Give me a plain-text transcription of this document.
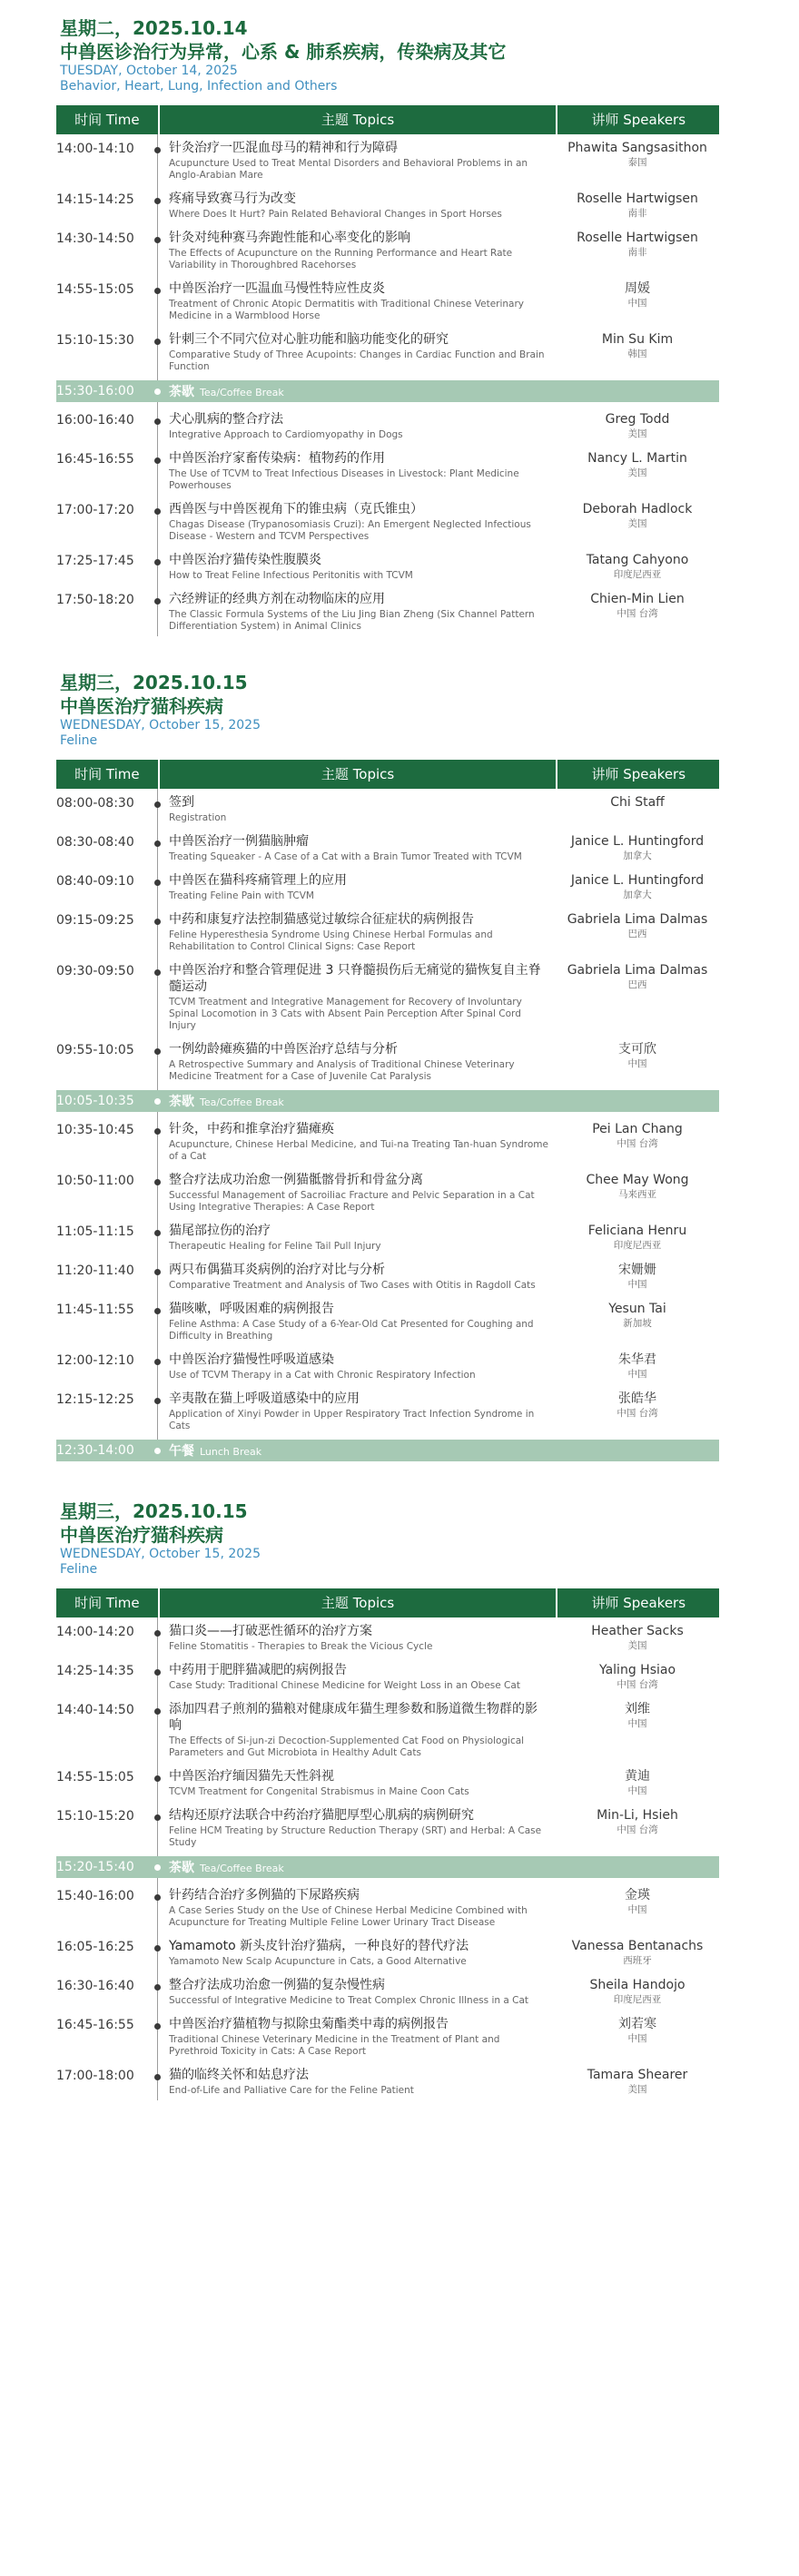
星期二，2025.10.14
中兽医诊治行为异常，心系 & 肺系疾病，传染病及其它
TUESDAY, October 14, 2025
Behavior, Heart, Lung, Infection and Others
时间 Time	主题 Topics	讲师 Speakers
14:00-14:10	针灸治疗一匹混血母马的精神和行为障碍
Acupuncture Used to Treat Mental Disorders and Behavioral Problems in an Anglo-Arabian Mare
Phawita Sangsasithon
泰国
14:15-14:25	疼痛导致赛马行为改变
Where Does It Hurt? Pain Related Behavioral Changes in Sport Horses
Roselle Hartwigsen
南非
14:30-14:50	针灸对纯种赛马奔跑性能和心率变化的影响
The Effects of Acupuncture on the Running Performance and Heart Rate Variability in Thoroughbred Racehorses
Roselle Hartwigsen
南非
14:55-15:05	中兽医治疗一匹温血马慢性特应性皮炎
Treatment of Chronic Atopic Dermatitis with Traditional Chinese Veterinary Medicine in a Warmblood Horse
周媛
中国
15:10-15:30	针刺三个不同穴位对心脏功能和脑功能变化的研究
Comparative Study of Three Acupoints: Changes in Cardiac Function and Brain Function
Min Su Kim
韩国
15:30-16:00	茶歇 Tea/Coffee Break
16:00-16:40	犬心肌病的整合疗法
Integrative Approach to Cardiomyopathy in Dogs
Greg Todd
美国
16:45-16:55	中兽医治疗家畜传染病：植物药的作用
The Use of TCVM to Treat Infectious Diseases in Livestock: Plant Medicine Powerhouses
Nancy L. Martin
美国
17:00-17:20	西兽医与中兽医视角下的锥虫病（克氏锥虫）
Chagas Disease (Trypanosomiasis Cruzi): An Emergent Neglected Infectious Disease - Western and TCVM Perspectives
Deborah Hadlock
美国
17:25-17:45	中兽医治疗猫传染性腹膜炎
How to Treat Feline Infectious Peritonitis with TCVM
Tatang Cahyono
印度尼西亚
17:50-18:20	六经辨证的经典方剂在动物临床的应用
The Classic Formula Systems of the Liu Jing Bian Zheng (Six Channel Pattern Differentiation System) in Animal Clinics
Chien-Min Lien
中国 台湾
星期三，2025.10.15
中兽医治疗猫科疾病
WEDNESDAY, October 15, 2025
Feline
时间 Time	主题 Topics	讲师 Speakers
08:00-08:30	签到
Registration
Chi Staff
08:30-08:40	中兽医治疗一例猫脑肿瘤
Treating Squeaker - A Case of a Cat with a Brain Tumor Treated with TCVM
Janice L. Huntingford
加拿大
08:40-09:10	中兽医在猫科疼痛管理上的应用
Treating Feline Pain with TCVM
Janice L. Huntingford
加拿大
09:15-09:25	中药和康复疗法控制猫感觉过敏综合征症状的病例报告
Feline Hyperesthesia Syndrome Using Chinese Herbal Formulas and Rehabilitation to Control Clinical Signs: Case Report
Gabriela Lima Dalmas
巴西
09:30-09:50	中兽医治疗和整合管理促进 3 只脊髓损伤后无痛觉的猫恢复自主脊髓运动
TCVM Treatment and Integrative Management for Recovery of Involuntary Spinal Locomotion in 3 Cats with Absent Pain Perception After Spinal Cord Injury
Gabriela Lima Dalmas
巴西
09:55-10:05	一例幼龄瘫痪猫的中兽医治疗总结与分析
A Retrospective Summary and Analysis of Traditional Chinese Veterinary Medicine Treatment for a Case of Juvenile Cat Paralysis
支可欣
中国
10:05-10:35	茶歇 Tea/Coffee Break
10:35-10:45	针灸，中药和推拿治疗猫瘫痪
Acupuncture, Chinese Herbal Medicine, and Tui-na Treating Tan-huan Syndrome of a Cat
Pei Lan Chang
中国 台湾
10:50-11:00	整合疗法成功治愈一例猫骶髂骨折和骨盆分离
Successful Management of Sacroiliac Fracture and Pelvic Separation in a Cat Using Integrative Therapies: A Case Report
Chee May Wong
马来西亚
11:05-11:15	猫尾部拉伤的治疗
Therapeutic Healing for Feline Tail Pull Injury
Feliciana Henru
印度尼西亚
11:20-11:40	两只布偶猫耳炎病例的治疗对比与分析
Comparative Treatment and Analysis of Two Cases with Otitis in Ragdoll Cats
宋姗姗
中国
11:45-11:55	猫咳嗽，呼吸困难的病例报告
Feline Asthma: A Case Study of a 6-Year-Old Cat Presented for Coughing and Difficulty in Breathing
Yesun Tai
新加坡
12:00-12:10	中兽医治疗猫慢性呼吸道感染
Use of TCVM Therapy in a Cat with Chronic Respiratory Infection
朱华君
中国
12:15-12:25	辛夷散在猫上呼吸道感染中的应用
Application of Xinyi Powder in Upper Respiratory Tract Infection Syndrome in Cats
张皓华
中国 台湾
12:30-14:00	午餐 Lunch Break
星期三，2025.10.15
中兽医治疗猫科疾病
WEDNESDAY, October 15, 2025
Feline
时间 Time	主题 Topics	讲师 Speakers
14:00-14:20	猫口炎——打破恶性循环的治疗方案
Feline Stomatitis - Therapies to Break the Vicious Cycle
Heather Sacks
美国
14:25-14:35	中药用于肥胖猫减肥的病例报告
Case Study: Traditional Chinese Medicine for Weight Loss in an Obese Cat
Yaling Hsiao
中国 台湾
14:40-14:50	添加四君子煎剂的猫粮对健康成年猫生理参数和肠道微生物群的影响
The Effects of Si-jun-zi Decoction-Supplemented Cat Food on Physiological Parameters and Gut Microbiota in Healthy Adult Cats
刘维
中国
14:55-15:05	中兽医治疗缅因猫先天性斜视
TCVM Treatment for Congenital Strabismus in Maine Coon Cats
黄迪
中国
15:10-15:20	结构还原疗法联合中药治疗猫肥厚型心肌病的病例研究
Feline HCM Treating by Structure Reduction Therapy (SRT) and Herbal: A Case Study
Min-Li, Hsieh
中国 台湾
15:20-15:40	茶歇 Tea/Coffee Break
15:40-16:00	针药结合治疗多例猫的下尿路疾病
A Case Series Study on the Use of Chinese Herbal Medicine Combined with Acupuncture for Treating Multiple Feline Lower Urinary Tract Disease
金瑛
中国
16:05-16:25	Yamamoto 新头皮针治疗猫病，一种良好的替代疗法
Yamamoto New Scalp Acupuncture in Cats, a Good Alternative
Vanessa Bentanachs
西班牙
16:30-16:40	整合疗法成功治愈一例猫的复杂慢性病
Successful of Integrative Medicine to Treat Complex Chronic Illness in a Cat
Sheila Handojo
印度尼西亚
16:45-16:55	中兽医治疗猫植物与拟除虫菊酯类中毒的病例报告
Traditional Chinese Veterinary Medicine in the Treatment of Plant and Pyrethroid Toxicity in Cats: A Case Report
刘若寒
中国
17:00-18:00	猫的临终关怀和姑息疗法
End-of-Life and Palliative Care for the Feline Patient
Tamara Shearer
美国
